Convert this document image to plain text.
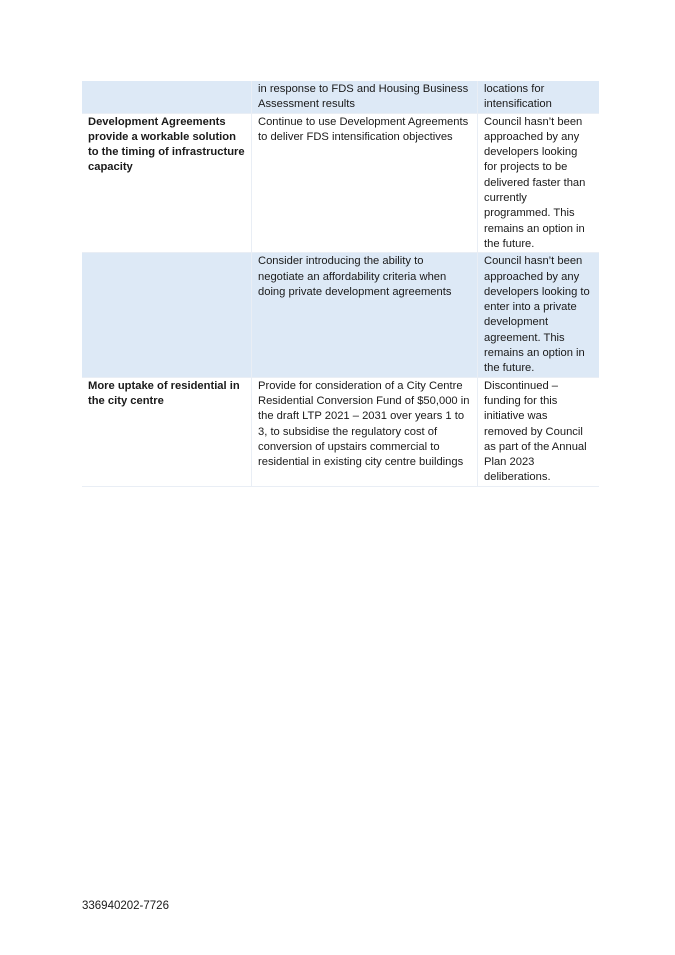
	in response to FDS and Housing Business Assessment results	locations for intensification
Development Agreements provide a workable solution to the timing of infrastructure capacity	Continue to use Development Agreements to deliver FDS intensification objectives	Council hasn’t been approached by any developers looking for projects to be delivered faster than currently programmed. This remains an option in the future.
	Consider introducing the ability to negotiate an affordability criteria when doing private development agreements	Council hasn’t been approached by any developers looking to enter into a private development agreement. This remains an option in the future.
More uptake of residential in the city centre	Provide for consideration of a City Centre Residential Conversion Fund of $50,000 in the draft LTP 2021 – 2031 over years 1 to 3, to subsidise the regulatory cost of conversion of upstairs commercial to residential in existing city centre buildings	Discontinued – funding for this initiative was removed by Council as part of the Annual Plan 2023 deliberations.
336940202-7726
